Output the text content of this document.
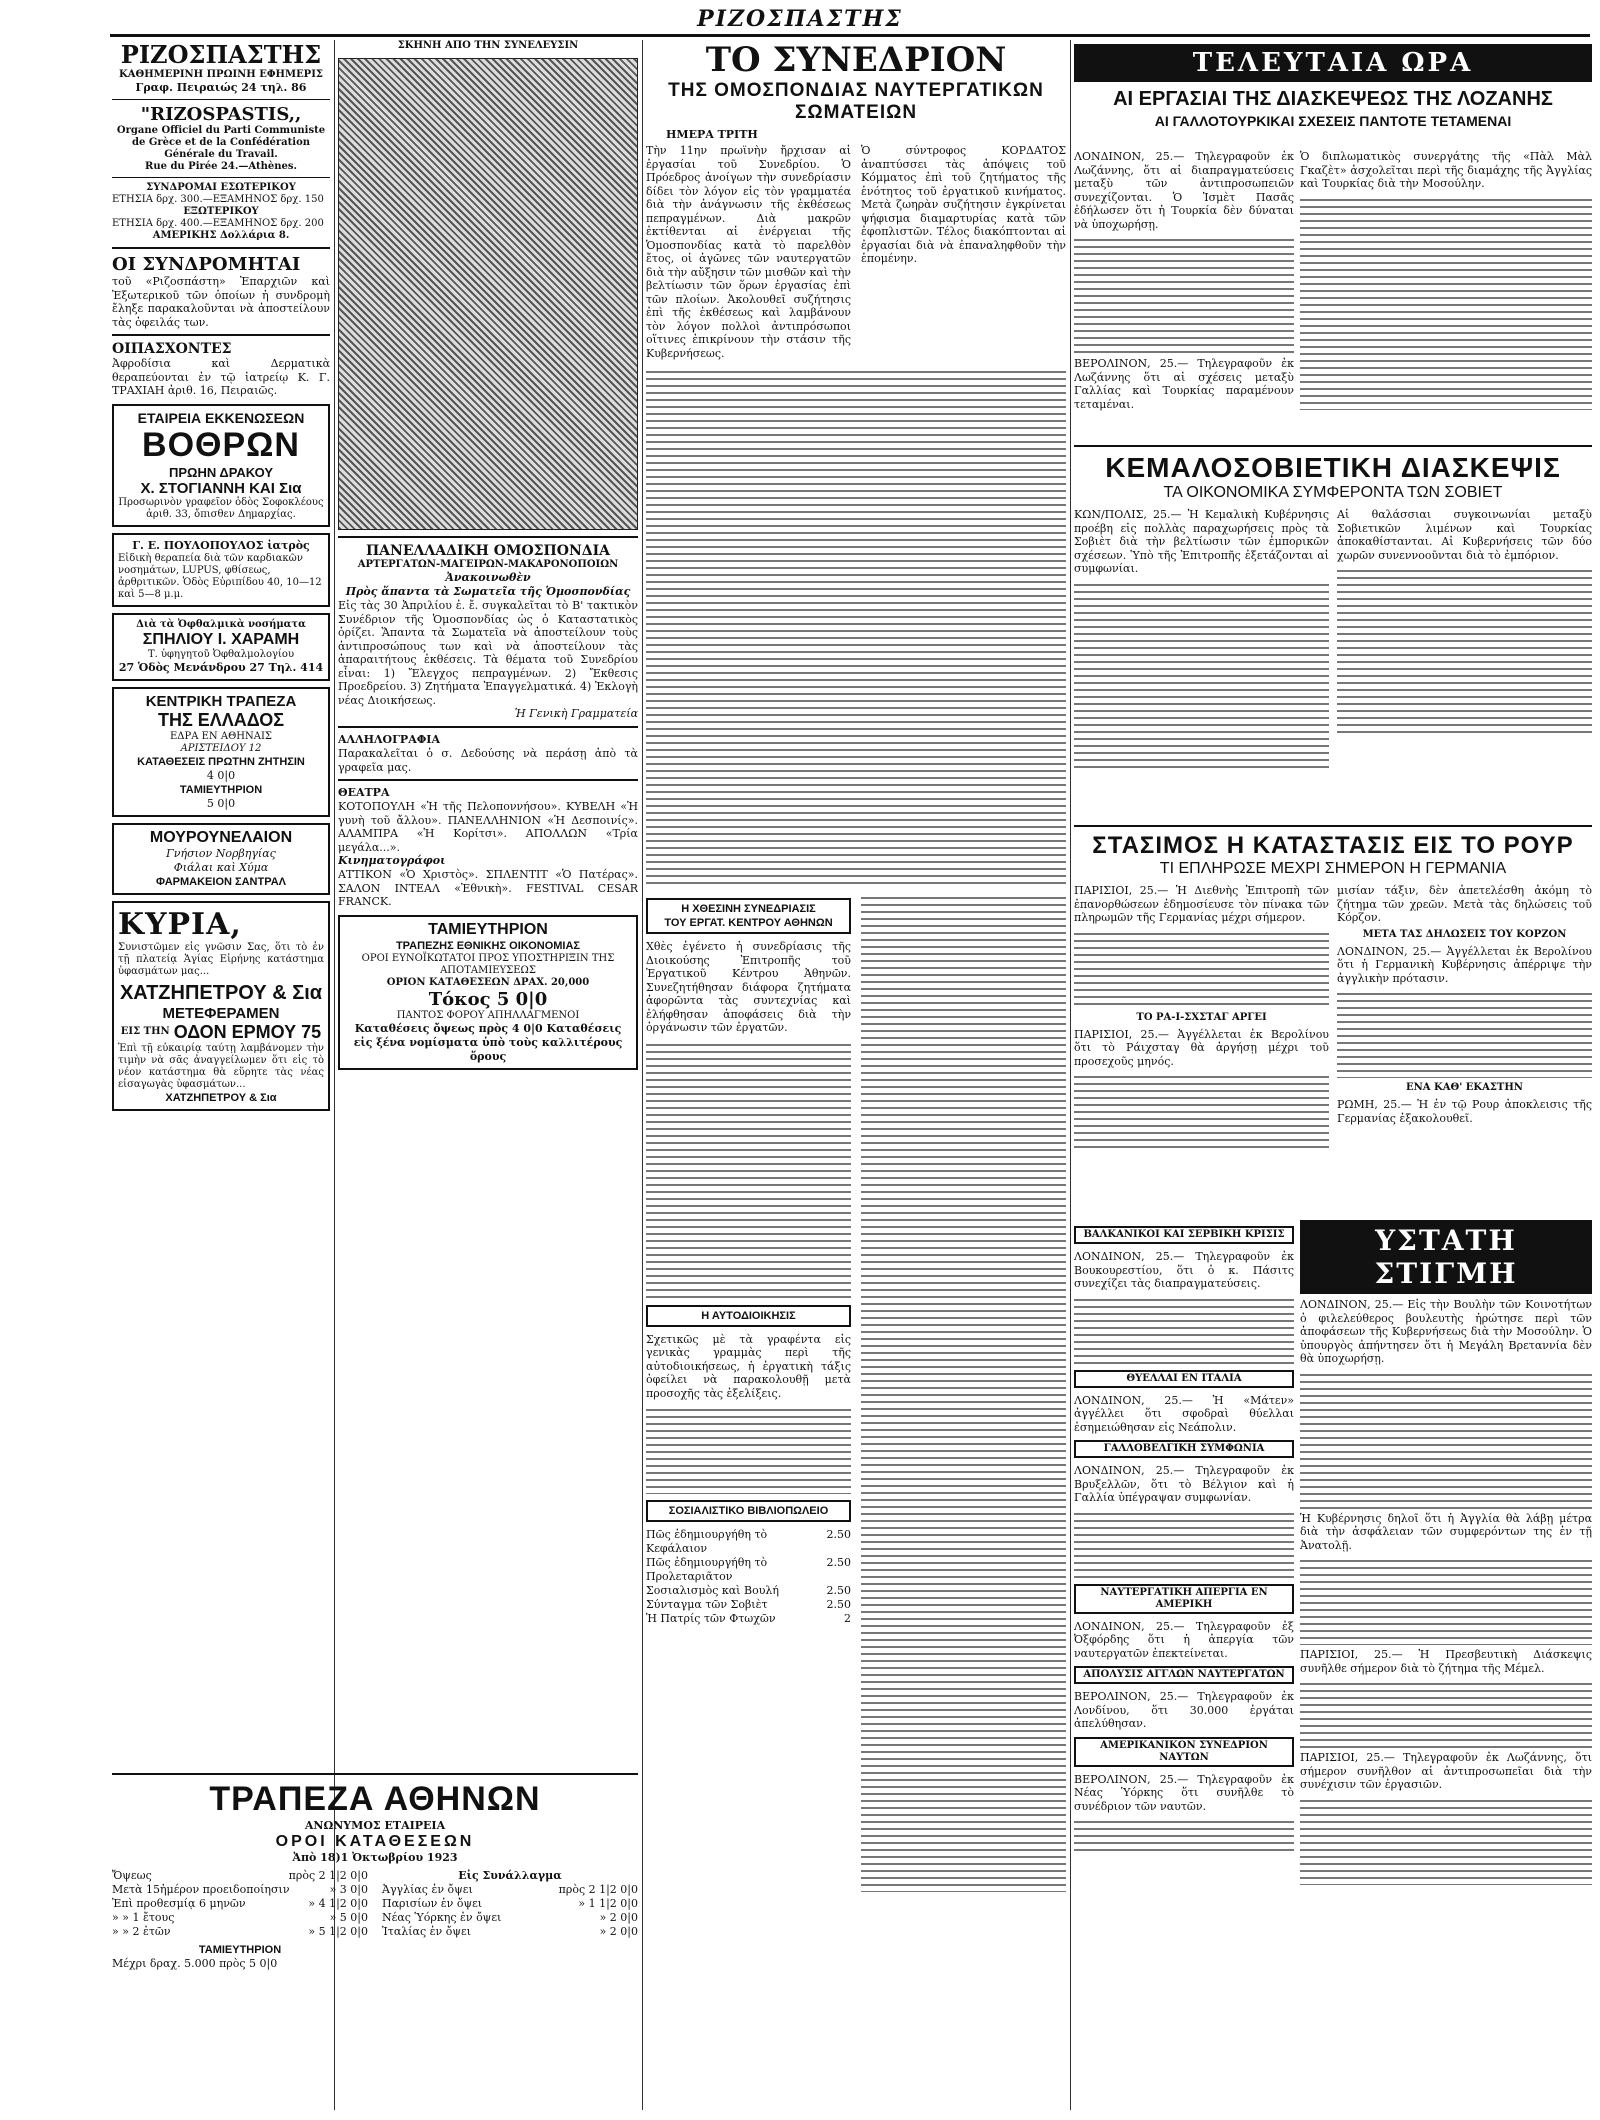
ΡΙΖΟΣΠΑΣΤΗΣ
ΡΙΖΟΣΠΑΣΤΗΣ
ΚΑΘΗΜΕΡΙΝΗ ΠΡΩΙΝΗ ΕΦΗΜΕΡΙΣ
Γραφ. Πειραιώς 24 τηλ. 86
"RIZOSPASTIS,,
Organe Officiel du Parti Communiste de Grèce et de la Confédération Générale du Travail.
Rue du Pirée 24.—Athènes.
ΣΥΝΔΡΟΜΑΙ ΕΣΩΤΕΡΙΚΟΥ
ΕΤΗΣΙΑ δρχ. 300.—ΕΞΑΜΗΝΟΣ δρχ. 150
ΕΞΩΤΕΡΙΚΟΥ
ΕΤΗΣΙΑ δρχ. 400.—ΕΞΑΜΗΝΟΣ δρχ. 200
ΑΜΕΡΙΚΗΣ Δολλάρια 8.
ΟΙ ΣΥΝΔΡΟΜΗΤΑΙ
τοῦ «Ριζοσπάστη» Ἐπαρχιῶν καὶ Ἐξωτερικοῦ τῶν ὁποίων ἡ συνδρομὴ ἔληξε παρακαλοῦνται νὰ ἀποστείλουν τὰς ὀφειλάς των.
ΟΙΠΑΣΧΟΝΤΕΣ
Ἀφροδίσια καὶ Δερματικὰ θεραπεύονται ἐν τῷ ἰατρείῳ Κ. Γ. ΤΡΑΧΙΑΗ ἀριθ. 16, Πειραιῶς.
ΕΤΑΙΡΕΙΑ ΕΚΚΕΝΩΣΕΩΝ
ΒΟΘΡΩΝ
ΠΡΩΗΝ ΔΡΑΚΟΥ
Χ. ΣΤΟΓΙΑΝΝΗ ΚΑΙ Σια
Προσωρινὸν γραφεῖον ὁδὸς Σοφοκλέους ἀριθ. 33, ὄπισθεν Δημαρχίας.
Γ. Ε. ΠΟΥΛΟΠΟΥΛΟΣ ἰατρὸς
Εἰδικὴ θεραπεία διὰ τῶν καρδιακῶν νοσημάτων, LUPUS, φθίσεως, ἀρθριτικῶν. Ὁδὸς Εὐριπίδου 40, 10—12 καὶ 5—8 μ.μ.
Διὰ τὰ Ὀφθαλμικὰ νοσήματα
ΣΠΗΛΙΟΥ Ι. ΧΑΡΑΜΗ
Τ. ὑφηγητοῦ Ὀφθαλμολογίου
27 Ὁδὸς Μενάνδρου 27 Τηλ. 414
ΚΕΝΤΡΙΚΗ ΤΡΑΠΕΖΑ
ΤΗΣ ΕΛΛΑΔΟΣ
ΕΔΡΑ ΕΝ ΑΘΗΝΑΙΣ
ΑΡΙΣΤΕΙΔΟΥ 12
ΚΑΤΑΘΕΣΕΙΣ ΠΡΩΤΗΝ ΖΗΤΗΣΙΝ
4 0|0
ΤΑΜΙΕΥΤΗΡΙΟΝ
5 0|0
ΜΟΥΡΟΥΝΕΛΑΙΟΝ
Γνήσιον Νορβηγίας
Φιάλαι καὶ Χύμα
ΦΑΡΜΑΚΕΙΟΝ ΣΑΝΤΡΑΛ
ΚΥΡΙΑ,
Συνιστῶμεν εἰς γνῶσιν Σας, ὅτι τὸ ἐν τῇ πλατείᾳ Ἁγίας Εἰρήνης κατάστημα ὑφασμάτων μας...
ΧΑΤΖΗΠΕΤΡΟΥ & Σια
ΜΕΤΕΦΕΡΑΜΕΝ
ΕΙΣ ΤΗΝ ΟΔΟΝ ΕΡΜΟΥ 75
Ἐπὶ τῇ εὐκαιρίᾳ ταύτῃ λαμβάνομεν τὴν τιμὴν νὰ σᾶς ἀναγγείλωμεν ὅτι εἰς τὸ νέον κατάστημα θὰ εὕρητε τὰς νέας εἰσαγωγὰς ὑφασμάτων...
ΧΑΤΖΗΠΕΤΡΟΥ & Σια
ΣΚΗΝΗ ΑΠΟ ΤΗΝ ΣΥΝΕΛΕΥΣΙΝ
ΠΑΝΕΛΛΑΔΙΚΗ ΟΜΟΣΠΟΝΔΙΑ
ΑΡΤΕΡΓΑΤΩΝ-ΜΑΓΕΙΡΩΝ-ΜΑΚΑΡΟΝΟΠΟΙΩΝ
Ἀνακοινωθὲν
Πρὸς ἅπαντα τὰ Σωματεῖα τῆς Ὁμοσπονδίας
Εἰς τὰς 30 Ἀπριλίου ἐ. ἔ. συγκαλεῖται τὸ Β' τακτικὸν Συνέδριον τῆς Ὁμοσπονδίας ὡς ὁ Καταστατικὸς ὁρίζει. Ἅπαντα τὰ Σωματεῖα νὰ ἀποστείλουν τοὺς ἀντιπροσώπους των καὶ νὰ ἀποστείλουν τὰς ἀπαραιτήτους ἐκθέσεις. Τὰ θέματα τοῦ Συνεδρίου εἶναι: 1) Ἔλεγχος πεπραγμένων. 2) Ἔκθεσις Προεδρείου. 3) Ζητήματα Ἐπαγγελματικά. 4) Ἐκλογὴ νέας Διοικήσεως.
Ἡ Γενικὴ Γραμματεία
ΑΛΛΗΛΟΓΡΑΦΙΑ
Παρακαλεῖται ὁ σ. Δεδούσης νὰ περάσῃ ἀπὸ τὰ γραφεῖα μας.
ΘΕΑΤΡΑ
ΚΟΤΟΠΟΥΛΗ «Ἡ τῆς Πελοποννήσου». ΚΥΒΕΛΗ «Ἡ γυνὴ τοῦ ἄλλου». ΠΑΝΕΛΛΗΝΙΟΝ «Ἡ Δεσποινίς». ΑΛΑΜΠΡΑ «Ἡ Κορίτσι». ΑΠΟΛΛΩΝ «Τρία μεγάλα...».
Κινηματογράφοι
ΑΤΤΙΚΟΝ «Ὁ Χριστὸς». ΣΠΛΕΝΤΙΤ «Ὁ Πατέρας». ΣΑΛΟΝ ΙΝΤΕΑΛ «Ἐθνικὴ». FESTIVAL CESAR FRANCK.
ΤΑΜΙΕΥΤΗΡΙΟΝ
ΤΡΑΠΕΖΗΣ ΕΘΝΙΚΗΣ ΟΙΚΟΝΟΜΙΑΣ
ΟΡΟΙ ΕΥΝΟΪΚΩΤΑΤΟΙ ΠΡΟΣ ΥΠΟΣΤΗΡΙΞΙΝ ΤΗΣ ΑΠΟΤΑΜΙΕΥΣΕΩΣ
ΟΡΙΟΝ ΚΑΤΑΘΕΣΕΩΝ ΔΡΑΧ. 20,000
Τόκος 5 0|0
ΠΑΝΤΟΣ ΦΟΡΟΥ ΑΠΗΛΛΑΓΜΕΝΟΙ
Καταθέσεις ὄψεως πρὸς 4 0|0 Καταθέσεις εἰς ξένα νομίσματα ὑπὸ τοὺς καλλιτέρους ὅρους
ΤΡΑΠΕΖΑ ΑΘΗΝΩΝ
ΑΝΩΝΥΜΟΣ ΕΤΑΙΡΕΙΑ
ΟΡΟΙ ΚΑΤΑΘΕΣΕΩΝ
Ἀπὸ 18)1 Ὀκτωβρίου 1923
Ὄψεως	πρὸς 2 1|2 0|0
Μετὰ 15ἡμέρον προειδοποίησιν	» 3 0|0
Ἐπὶ προθεσμίᾳ 6 μηνῶν	» 4 1|2 0|0
» » 1 ἔτους	» 5 0|0
» » 2 ἐτῶν	» 5 1|2 0|0
ΤΑΜΙΕΥΤΗΡΙΟΝ
Μέχρι δραχ. 5.000 πρὸς 5 0|0
Εἰς Συνάλλαγμα
Ἀγγλίας ἐν ὄψει	πρὸς 2 1|2 0|0
Παρισίων ἐν ὄψει	» 1 1|2 0|0
Νέας Ὑόρκης ἐν ὄψει	» 2 0|0
Ἰταλίας ἐν ὄψει	» 2 0|0
ΤΟ ΣΥΝΕΔΡΙΟΝ
ΤΗΣ ΟΜΟΣΠΟΝΔΙΑΣ ΝΑΥΤΕΡΓΑΤΙΚΩΝ ΣΩΜΑΤΕΙΩΝ
ΗΜΕΡΑ ΤΡΙΤΗ
Τὴν 11ην πρωϊνὴν ἤρχισαν αἱ ἐργασίαι τοῦ Συνεδρίου. Ὁ Πρόεδρος ἀνοίγων τὴν συνεδρίασιν δίδει τὸν λόγον εἰς τὸν γραμματέα διὰ τὴν ἀνάγνωσιν τῆς ἐκθέσεως πεπραγμένων. Διὰ μακρῶν ἐκτίθενται αἱ ἐνέργειαι τῆς Ὁμοσπονδίας κατὰ τὸ παρελθὸν ἔτος, οἱ ἀγῶνες τῶν ναυτεργατῶν διὰ τὴν αὔξησιν τῶν μισθῶν καὶ τὴν βελτίωσιν τῶν ὅρων ἐργασίας ἐπὶ τῶν πλοίων. Ἀκολουθεῖ συζήτησις ἐπὶ τῆς ἐκθέσεως καὶ λαμβάνουν τὸν λόγον πολλοὶ ἀντιπρόσωποι οἵτινες ἐπικρίνουν τὴν στάσιν τῆς Κυβερνήσεως.
Ὁ σύντροφος ΚΟΡΔΑΤΟΣ ἀναπτύσσει τὰς ἀπόψεις τοῦ Κόμματος ἐπὶ τοῦ ζητήματος τῆς ἑνότητος τοῦ ἐργατικοῦ κινήματος. Μετὰ ζωηρὰν συζήτησιν ἐγκρίνεται ψήφισμα διαμαρτυρίας κατὰ τῶν ἐφοπλιστῶν. Τέλος διακόπτονται αἱ ἐργασίαι διὰ νὰ ἐπαναληφθοῦν τὴν ἑπομένην.
Η ΧΘΕΣΙΝΗ ΣΥΝΕΔΡΙΑΣΙΣ
ΤΟΥ ΕΡΓΑΤ. ΚΕΝΤΡΟΥ ΑΘΗΝΩΝ
Χθὲς ἐγένετο ἡ συνεδρίασις τῆς Διοικούσης Ἐπιτροπῆς τοῦ Ἐργατικοῦ Κέντρου Ἀθηνῶν. Συνεζητήθησαν διάφορα ζητήματα ἀφορῶντα τὰς συντεχνίας καὶ ἐλήφθησαν ἀποφάσεις διὰ τὴν ὀργάνωσιν τῶν ἐργατῶν.
Η ΑΥΤΟΔΙΟΙΚΗΣΙΣ
Σχετικῶς μὲ τὰ γραφέντα εἰς γενικὰς γραμμὰς περὶ τῆς αὐτοδιοικήσεως, ἡ ἐργατικὴ τάξις ὀφείλει νὰ παρακολουθῇ μετὰ προσοχῆς τὰς ἐξελίξεις.
ΣΟΣΙΑΛΙΣΤΙΚΟ ΒΙΒΛΙΟΠΩΛΕΙΟ
Πῶς ἐδημιουργήθη τὸ Κεφάλαιον
2.50
Πῶς ἐδημιουργήθη τὸ Προλεταριᾶτον
2.50
Σοσιαλισμὸς καὶ Βουλή	2.50
Σύνταγμα τῶν Σοβιὲτ	2.50
Ἡ Πατρίς τῶν Φτωχῶν	2
ΤΕΛΕΥΤΑΙΑ ΩΡΑ
ΑΙ ΕΡΓΑΣΙΑΙ ΤΗΣ ΔΙΑΣΚΕΨΕΩΣ ΤΗΣ ΛΟΖΑΝΗΣ
ΑΙ ΓΑΛΛΟΤΟΥΡΚΙΚΑΙ ΣΧΕΣΕΙΣ ΠΑΝΤΟΤΕ ΤΕΤΑΜΕΝΑΙ
ΛΟΝΔΙΝΟΝ, 25.— Τηλεγραφοῦν ἐκ Λωζάννης, ὅτι αἱ διαπραγματεύσεις μεταξὺ τῶν ἀντιπροσωπειῶν συνεχίζονται. Ὁ Ἰσμὲτ Πασᾶς ἐδήλωσεν ὅτι ἡ Τουρκία δὲν δύναται νὰ ὑποχωρήσῃ.
ΒΕΡΟΛΙΝΟΝ, 25.— Τηλεγραφοῦν ἐκ Λωζάννης ὅτι αἱ σχέσεις μεταξὺ Γαλλίας καὶ Τουρκίας παραμένουν τεταμέναι.
Ὁ διπλωματικὸς συνεργάτης τῆς «Πὰλ Μὰλ Γκαζὲτ» ἀσχολεῖται περὶ τῆς διαμάχης τῆς Ἀγγλίας καὶ Τουρκίας διὰ τὴν Μοσούλην.
ΚΕΜΑΛΟΣΟΒΙΕΤΙΚΗ ΔΙΑΣΚΕΨΙΣ
ΤΑ ΟΙΚΟΝΟΜΙΚΑ ΣΥΜΦΕΡΟΝΤΑ ΤΩΝ ΣΟΒΙΕΤ
ΚΩΝ/ΠΟΛΙΣ, 25.— Ἡ Κεμαλικὴ Κυβέρνησις προέβη εἰς πολλὰς παραχωρήσεις πρὸς τὰ Σοβιὲτ διὰ τὴν βελτίωσιν τῶν ἐμπορικῶν σχέσεων. Ὑπὸ τῆς Ἐπιτροπῆς ἐξετάζονται αἱ συμφωνίαι.
Αἱ θαλάσσιαι συγκοινωνίαι μεταξὺ Σοβιετικῶν λιμένων καὶ Τουρκίας ἀποκαθίστανται. Αἱ Κυβερνήσεις τῶν δύο χωρῶν συνεννοοῦνται διὰ τὸ ἐμπόριον.
ΣΤΑΣΙΜΟΣ Η ΚΑΤΑΣΤΑΣΙΣ ΕΙΣ ΤΟ ΡΟΥΡ
ΤΙ ΕΠΛΗΡΩΣΕ ΜΕΧΡΙ ΣΗΜΕΡΟΝ Η ΓΕΡΜΑΝΙΑ
ΠΑΡΙΣΙΟΙ, 25.— Ἡ Διεθνὴς Ἐπιτροπὴ τῶν ἐπανορθώσεων ἐδημοσίευσε τὸν πίνακα τῶν πληρωμῶν τῆς Γερμανίας μέχρι σήμερον.
ΤΟ ΡΑ-Ι-ΣΧΣΤΑΓ ΑΡΓΕΙ
ΠΑΡΙΣΙΟΙ, 25.— Ἀγγέλλεται ἐκ Βερολίνου ὅτι τὸ Ράιχσταγ θὰ ἀργήσῃ μέχρι τοῦ προσεχοῦς μηνός.
μισίαν τάξιν, δὲν ἀπετελέσθη ἀκόμη τὸ ζήτημα τῶν χρεῶν. Μετὰ τὰς δηλώσεις τοῦ Κόρζον.
ΜΕΤΑ ΤΑΣ ΔΗΛΩΣΕΙΣ ΤΟΥ ΚΟΡΖΟΝ
ΛΟΝΔΙΝΟΝ, 25.— Ἀγγέλλεται ἐκ Βερολίνου ὅτι ἡ Γερμανικὴ Κυβέρνησις ἀπέρριψε τὴν ἀγγλικὴν πρότασιν.
ΕΝΑ ΚΑΘ' ΕΚΑΣΤΗΝ
ΡΩΜΗ, 25.— Ἡ ἐν τῷ Ρουρ ἀποκλεισις τῆς Γερμανίας ἐξακολουθεῖ.
ΒΑΛΚΑΝΙΚΟΙ ΚΑΙ ΣΕΡΒΙΚΗ ΚΡΙΣΙΣ
ΛΟΝΔΙΝΟΝ, 25.— Τηλεγραφοῦν ἐκ Βουκουρεστίου, ὅτι ὁ κ. Πάσιτς συνεχίζει τὰς διαπραγματεύσεις.
ΘΥΕΛΛΑΙ ΕΝ ΙΤΑΛΙΑ
ΛΟΝΔΙΝΟΝ, 25.— Ἡ «Μάτεν» ἀγγέλλει ὅτι σφοδραὶ θύελλαι ἐσημειώθησαν εἰς Νεάπολιν.
ΓΑΛΛΟΒΕΛΓΙΚΗ ΣΥΜΦΩΝΙΑ
ΛΟΝΔΙΝΟΝ, 25.— Τηλεγραφοῦν ἐκ Βρυξελλῶν, ὅτι τὸ Βέλγιον καὶ ἡ Γαλλία ὑπέγραψαν συμφωνίαν.
ΝΑΥΤΕΡΓΑΤΙΚΗ ΑΠΕΡΓΙΑ ΕΝ ΑΜΕΡΙΚΗ
ΛΟΝΔΙΝΟΝ, 25.— Τηλεγραφοῦν ἐξ Ὀξφόρδης ὅτι ἡ ἀπεργία τῶν ναυτεργατῶν ἐπεκτείνεται.
ΑΠΟΛΥΣΙΣ ΑΓΓΛΩΝ ΝΑΥΤΕΡΓΑΤΩΝ
ΒΕΡΟΛΙΝΟΝ, 25.— Τηλεγραφοῦν ἐκ Λονδίνου, ὅτι 30.000 ἐργάται ἀπελύθησαν.
ΑΜΕΡΙΚΑΝΙΚΟΝ ΣΥΝΕΔΡΙΟΝ ΝΑΥΤΩΝ
ΒΕΡΟΛΙΝΟΝ, 25.— Τηλεγραφοῦν ἐκ Νέας Ὑόρκης ὅτι συνῆλθε τὸ συνέδριον τῶν ναυτῶν.
ΥΣΤΑΤΗ ΣΤΙΓΜΗ
ΛΟΝΔΙΝΟΝ, 25.— Εἰς τὴν Βουλὴν τῶν Κοινοτήτων ὁ φιλελεύθερος βουλευτὴς ἠρώτησε περὶ τῶν ἀποφάσεων τῆς Κυβερνήσεως διὰ τὴν Μοσούλην. Ὁ ὑπουργὸς ἀπήντησεν ὅτι ἡ Μεγάλη Βρεταννία δὲν θὰ ὑποχωρήσῃ.
Ἡ Κυβέρνησις δηλοῖ ὅτι ἡ Ἀγγλία θὰ λάβῃ μέτρα διὰ τὴν ἀσφάλειαν τῶν συμφερόντων της ἐν τῇ Ἀνατολῇ.
ΠΑΡΙΣΙΟΙ, 25.— Ἡ Πρεσβευτικὴ Διάσκεψις συνῆλθε σήμερον διὰ τὸ ζήτημα τῆς Μέμελ.
ΠΑΡΙΣΙΟΙ, 25.— Τηλεγραφοῦν ἐκ Λωζάννης, ὅτι σήμερον συνῆλθον αἱ ἀντιπροσωπεῖαι διὰ τὴν συνέχισιν τῶν ἐργασιῶν.
